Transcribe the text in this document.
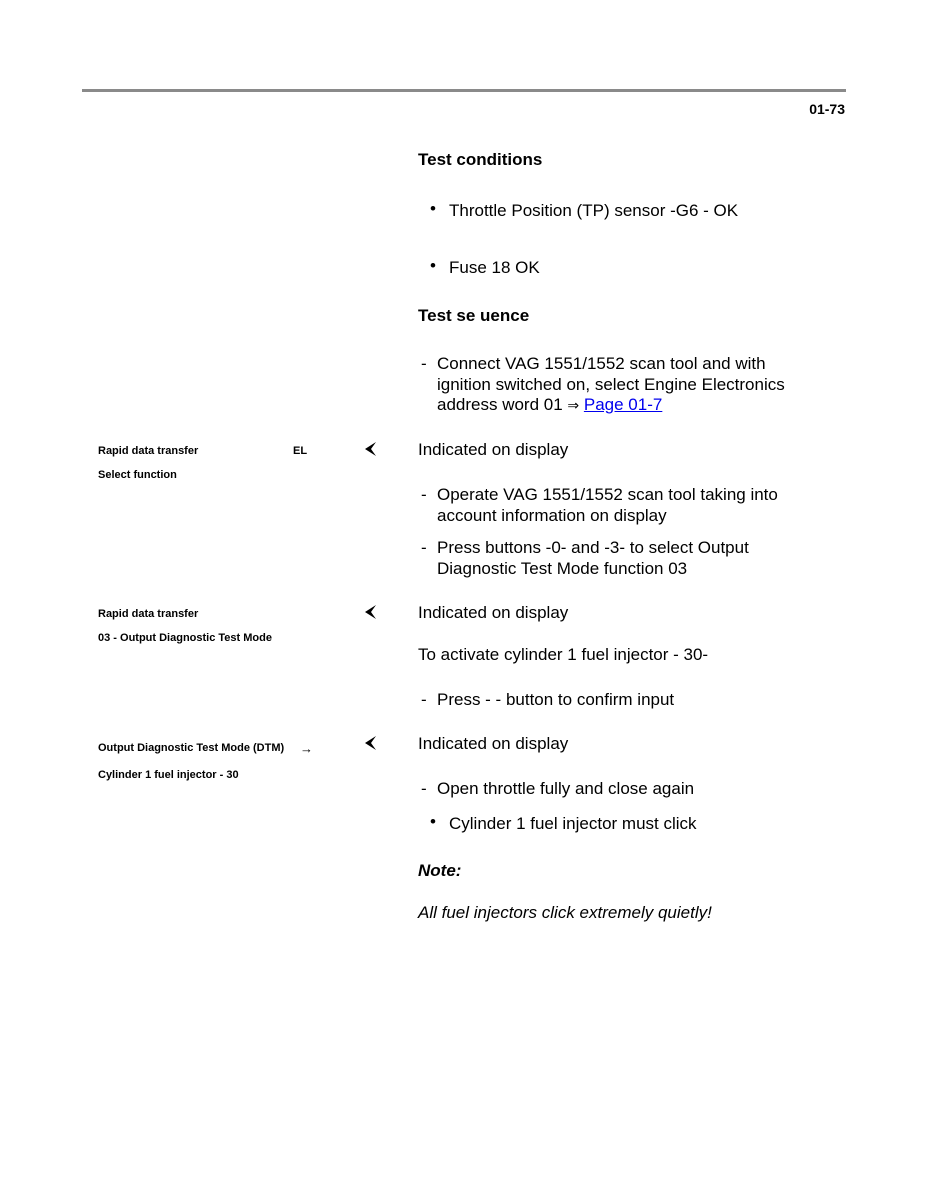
01-73
Test conditions
• Throttle Position (TP) sensor -G6 - OK
• Fuse 18 OK
Test se uence
- Connect VAG 1551/1552 scan tool and with
ignition switched on, select Engine Electronics
address word 01 ⇒ Page 01-7
Rapid data transfer	EL
Select function
Indicated on display
- Operate VAG 1551/1552 scan tool taking into
account information on display
- Press buttons -0- and -3- to select Output
Diagnostic Test Mode function 03
Rapid data transfer
03 - Output Diagnostic Test Mode
Indicated on display
To activate cylinder 1 fuel injector - 30-
- Press - - button to confirm input
Output Diagnostic Test Mode (DTM) →
Cylinder 1 fuel injector - 30
Indicated on display
- Open throttle fully and close again
• Cylinder 1 fuel injector must click
Note:
All fuel injectors click extremely quietly!
